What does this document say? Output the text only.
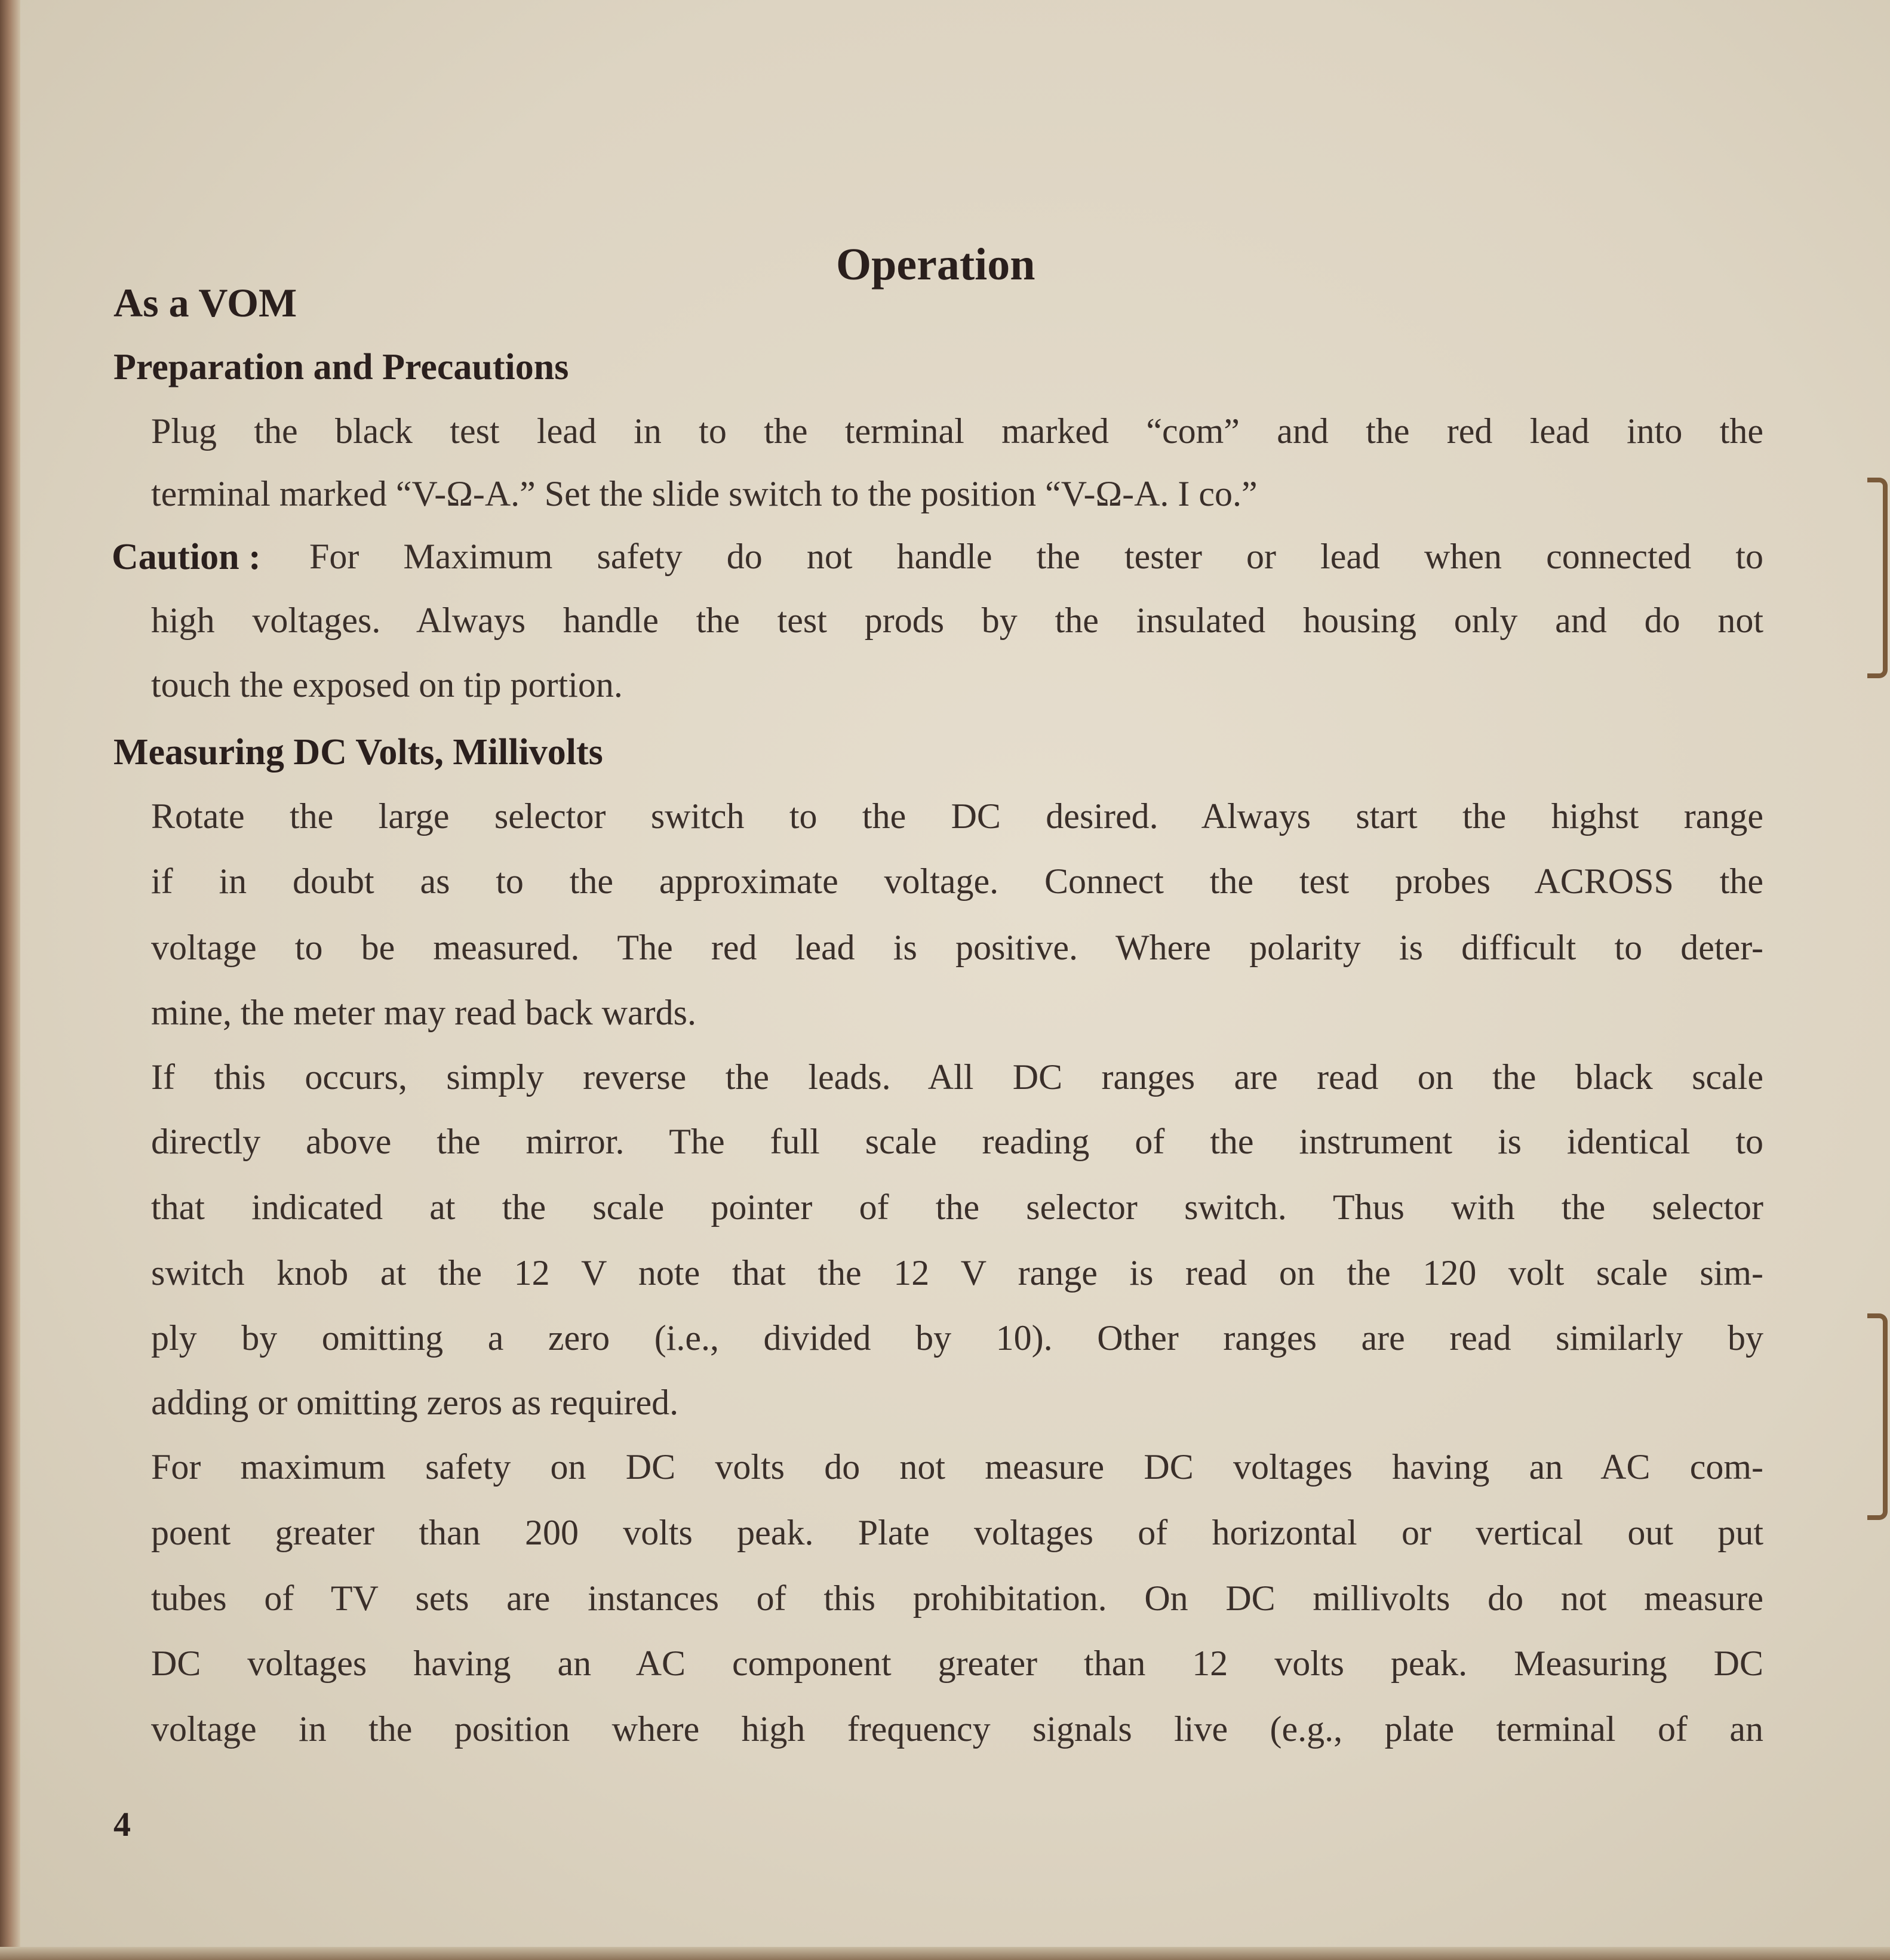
Operation
As a VOM
Preparation and Precautions
Plug the black test lead in to the terminal marked “com” and the red lead into the
terminal marked “V-Ω-A.” Set the slide switch to the position “V-Ω-A. I co.”
Caution : For Maximum safety do not handle the tester or lead when connected to
high voltages. Always handle the test prods by the insulated housing only and do not
touch the exposed on tip portion.
Measuring DC Volts, Millivolts
Rotate the large selector switch to the DC desired. Always start the highst range
if in doubt as to the approximate voltage. Connect the test probes ACROSS the
voltage to be measured. The red lead is positive. Where polarity is difficult to deter-
mine, the meter may read back wards.
If this occurs, simply reverse the leads. All DC ranges are read on the black scale
directly above the mirror. The full scale reading of the instrument is identical to
that indicated at the scale pointer of the selector switch. Thus with the selector
switch knob at the 12 V note that the 12 V range is read on the 120 volt scale sim-
ply by omitting a zero (i.e., divided by 10). Other ranges are read similarly by
adding or omitting zeros as required.
For maximum safety on DC volts do not measure DC voltages having an AC com-
poent greater than 200 volts peak. Plate voltages of horizontal or vertical out put
tubes of TV sets are instances of this prohibitation. On DC millivolts do not measure
DC voltages having an AC component greater than 12 volts peak. Measuring DC
voltage in the position where high frequency signals live (e.g., plate terminal of an
4
